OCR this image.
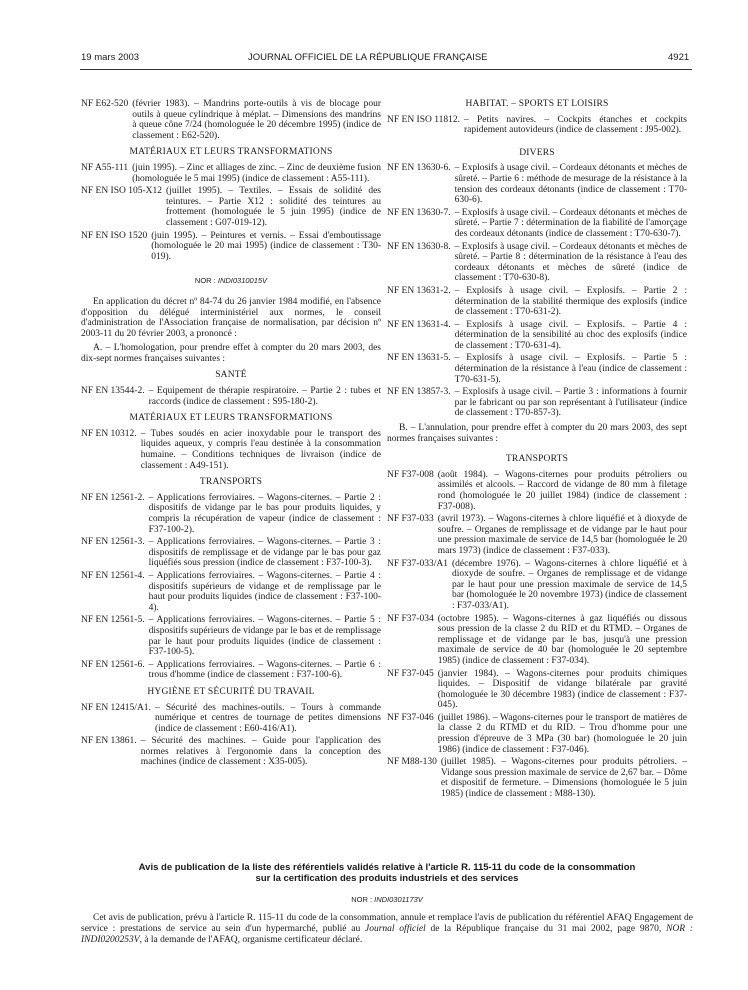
19 mars 2003	JOURNAL OFFICIEL DE LA RÉPUBLIQUE FRANÇAISE	4921
NF E62-520 (février 1983). – Mandrins porte-outils à vis de blocage pour outils à queue cylindrique à méplat. – Dimensions des mandrins à queue cône 7/24 (homologuée le 20 décembre 1995) (indice de classement : E62-520).
MATÉRIAUX ET LEURS TRANSFORMATIONS
NF A55-111 (juin 1995). – Zinc et alliages de zinc. – Zinc de deuxième fusion (homologuée le 5 mai 1995) (indice de classement : A55-111).
NF EN ISO 105-X12 (juillet 1995). – Textiles. – Essais de solidité des teintures. – Partie X12 : solidité des teintures au frottement (homologuée le 5 juin 1995) (indice de classement : G07-019-12).
NF EN ISO 1520 (juin 1995). – Peintures et vernis. – Essai d'emboutissage (homologuée le 20 mai 1995) (indice de classement : T30-019).
NOR : INDI0310015V

En application du décret nº 84-74 du 26 janvier 1984 modifié, en l'absence d'opposition du délégué interministériel aux normes, le conseil d'administration de l'Association française de normalisation, par décision nº 2003-11 du 20 février 2003, a prononcé :

A. – L'homologation, pour prendre effet à compter du 20 mars 2003, des dix-sept normes françaises suivantes :

SANTÉ
NF EN 13544-2. – Equipement de thérapie respiratoire. – Partie 2 : tubes et raccords (indice de classement : S95-180-2).
MATÉRIAUX ET LEURS TRANSFORMATIONS
NF EN 10312. – Tubes soudés en acier inoxydable pour le transport des liquides aqueux, y compris l'eau destinée à la consommation humaine. – Conditions techniques de livraison (indice de classement : A49-151).
TRANSPORTS
NF EN 12561-2. – Applications ferroviaires. – Wagons-citernes. – Partie 2 : dispositifs de vidange par le bas pour produits liquides, y compris la récupération de vapeur (indice de classement : F37-100-2).
NF EN 12561-3. – Applications ferroviaires. – Wagons-citernes. – Partie 3 : dispositifs de remplissage et de vidange par le bas pour gaz liquéfiés sous pression (indice de classement : F37-100-3).
NF EN 12561-4. – Applications ferroviaires. – Wagons-citernes. – Partie 4 : dispositifs supérieurs de vidange et de remplissage par le haut pour produits liquides (indice de classement : F37-100-4).
NF EN 12561-5. – Applications ferroviaires. – Wagons-citernes. – Partie 5 : dispositifs supérieurs de vidange par le bas et de remplissage par le haut pour produits liquides (indice de classement : F37-100-5).
NF EN 12561-6. – Applications ferroviaires. – Wagons-citernes. – Partie 6 : trous d'homme (indice de classement : F37-100-6).
HYGIÈNE ET SÉCURITÉ DU TRAVAIL
NF EN 12415/A1. – Sécurité des machines-outils. – Tours à commande numérique et centres de tournage de petites dimensions (indice de classement : E60-416/A1).
NF EN 13861. – Sécurité des machines. – Guide pour l'application des normes relatives à l'ergonomie dans la conception des machines (indice de classement : X35-005).
HABITAT. – SPORTS ET LOISIRS
NF EN ISO 11812. – Petits navires. – Cockpits étanches et cockpits rapidement autovideurs (indice de classement : J95-002).
DIVERS
NF EN 13630-6. – Explosifs à usage civil. – Cordeaux détonants et mèches de sûreté. – Partie 6 : méthode de mesurage de la résistance à la tension des cordeaux détonants (indice de classement : T70-630-6).
NF EN 13630-7. – Explosifs à usage civil. – Cordeaux détonants et mèches de sûreté. – Partie 7 : détermination de la fiabilité de l'amorçage des cordeaux détonants (indice de classement : T70-630-7).
NF EN 13630-8. – Explosifs à usage civil. – Cordeaux détonants et mèches de sûreté. – Partie 8 : détermination de la résistance à l'eau des cordeaux détonants et mèches de sûreté (indice de classement : T70-630-8).
NF EN 13631-2. – Explosifs à usage civil. – Explosifs. – Partie 2 : détermination de la stabilité thermique des explosifs (indice de classement : T70-631-2).
NF EN 13631-4. – Explosifs à usage civil. – Explosifs. – Partie 4 : détermination de la sensibilité au choc des explosifs (indice de classement : T70-631-4).
NF EN 13631-5. – Explosifs à usage civil. – Explosifs. – Partie 5 : détermination de la résistance à l'eau (indice de classement : T70-631-5).
NF EN 13857-3. – Explosifs à usage civil. – Partie 3 : informations à fournir par le fabricant ou par son représentant à l'utilisateur (indice de classement : T70-857-3).

B. – L'annulation, pour prendre effet à compter du 20 mars 2003, des sept normes françaises suivantes :

TRANSPORTS
NF F37-008 (août 1984). – Wagons-citernes pour produits pétroliers ou assimilés et alcools. – Raccord de vidange de 80 mm à filetage rond (homologuée le 20 juillet 1984) (indice de classement : F37-008).
NF F37-033 (avril 1973). – Wagons-citernes à chlore liquéfié et à dioxyde de soufre. – Organes de remplissage et de vidange par le haut pour une pression maximale de service de 14,5 bar (homologuée le 20 mars 1973) (indice de classement : F37-033).
NF F37-033/A1 (décembre 1976). – Wagons-citernes à chlore liquéfié et à dioxyde de soufre. – Organes de remplissage et de vidange par le haut pour une pression maximale de service de 14,5 bar (homologuée le 20 novembre 1973) (indice de classement : F37-033/A1).
NF F37-034 (octobre 1985). – Wagons-citernes à gaz liquéfiés ou dissous sous pression de la classe 2 du RID et du RTMD. – Organes de remplissage et de vidange par le bas, jusqu'à une pression maximale de service de 40 bar (homologuée le 20 septembre 1985) (indice de classement : F37-034).
NF F37-045 (janvier 1984). – Wagons-citernes pour produits chimiques liquides. – Dispositif de vidange bilatérale par gravité (homologuée le 30 décembre 1983) (indice de classement : F37-045).
NF F37-046 (juillet 1986). – Wagons-citernes pour le transport de matières de la classe 2 du RTMD et du RID. – Trou d'homme pour une pression d'épreuve de 3 MPa (30 bar) (homologuée le 20 juin 1986) (indice de classement : F37-046).
NF M88-130 (juillet 1985). – Wagons-citernes pour produits pétroliers. – Vidange sous pression maximale de service de 2,67 bar. – Dôme et dispositif de fermeture. – Dimensions (homologuée le 5 juin 1985) (indice de classement : M88-130).
Avis de publication de la liste des référentiels validés relative à l'article R. 115-11 du code de la consommation
sur la certification des produits industriels et des services
NOR : INDI0301173V

Cet avis de publication, prévu à l'article R. 115-11 du code de la consommation, annule et remplace l'avis de publication du référentiel AFAQ Engagement de service : prestations de service au sein d'un hypermarché, publié au Journal officiel de la République française du 31 mai 2002, page 9870, NOR : INDI0200253V, à la demande de l'AFAQ, organisme certificateur déclaré.
